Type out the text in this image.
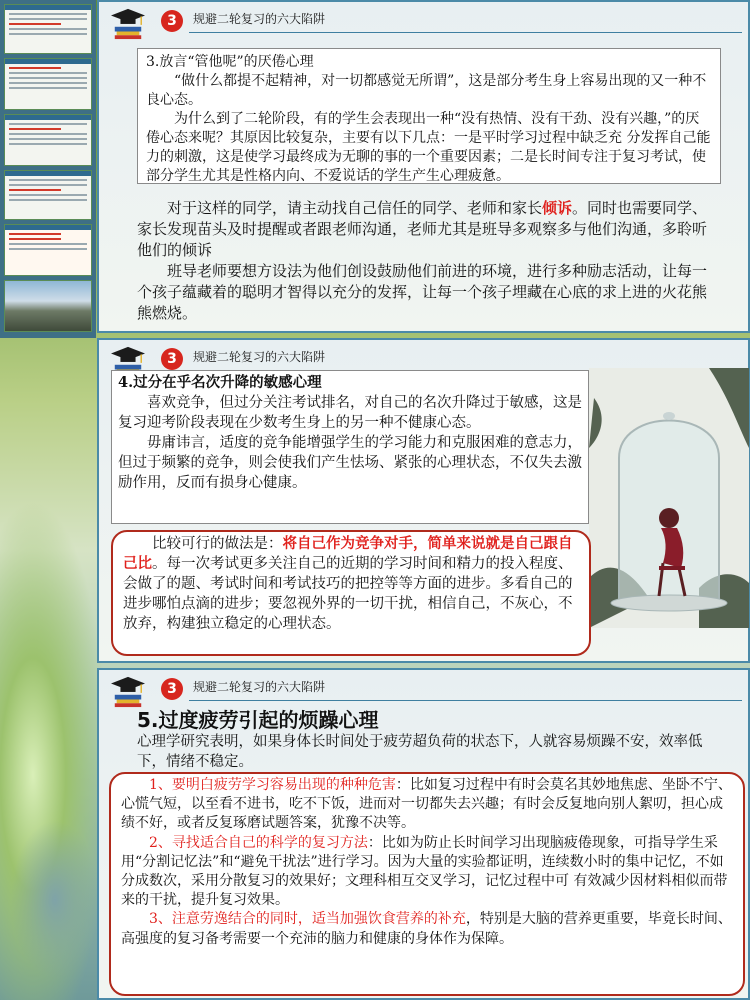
3	规避二轮复习的六大陷阱
3.放言“管他呢”的厌倦心理

“做什么都提不起精神，对一切都感觉无所谓”，这是部分考生身上容易出现的又一种不良心态。

为什么到了二轮阶段，有的学生会表现出一种“没有热情、没有干劲、没有兴趣，”的厌倦心态来呢？其原因比较复杂，主要有以下几点：一是平时学习过程中缺乏充 分发挥自己能力的刺激，这是使学习最终成为无聊的事的一个重要因素；二是长时间专注于复习考试，使部分学生尤其是性格内向、不爱说话的学生产生心理疲惫。

对于这样的同学，请主动找自己信任的同学、老师和家长倾诉。同时也需要同学、家长发现苗头及时提醒或者跟老师沟通，老师尤其是班导多观察多与他们沟通，多聆听他们的倾诉

班导老师要想方设法为他们创设鼓励他们前进的环境，进行多种励志活动，让每一个孩子蕴藏着的聪明才智得以充分的发挥，让每一个孩子埋藏在心底的求上进的火花熊熊燃烧。

3	规避二轮复习的六大陷阱
4.过分在乎名次升降的敏感心理

喜欢竞争，但过分关注考试排名，对自己的名次升降过于敏感，这是复习迎考阶段表现在少数考生身上的另一种不健康心态。

毋庸讳言，适度的竞争能增强学生的学习能力和克服困难的意志力，但过于频繁的竞争，则会使我们产生怯场、紧张的心理状态，不仅失去激励作用，反而有损身心健康。

比较可行的做法是：将自己作为竞争对手，简单来说就是自己跟自己比。每一次考试更多关注自己的近期的学习时间和精力的投入程度、会做了的题、考试时间和考试技巧的把控等等方面的进步。多看自己的进步哪怕点滴的进步；要忽视外界的一切干扰，相信自己，不灰心，不放弃，构建独立稳定的心理状态。

3	规避二轮复习的六大陷阱
5.过度疲劳引起的烦躁心理
心理学研究表明，如果身体长时间处于疲劳超负荷的状态下，人就容易烦躁不安，效率低下，情绪不稳定。

1、要明白疲劳学习容易出现的种种危害：比如复习过程中有时会莫名其妙地焦虑、坐卧不宁、心慌气短，以至看不进书，吃不下饭，进而对一切都失去兴趣；有时会反复地向别人絮叨，担心成绩不好，或者反复琢磨试题答案，犹豫不决等。

2、寻找适合自己的科学的复习方法：比如为防止长时间学习出现脑疲倦现象，可指导学生采用“分割记忆法”和“避免干扰法”进行学习。因为大量的实验都证明，连续数小时的集中记忆，不如分成数次，采用分散复习的效果好；文理科相互交叉学习，记忆过程中可 有效减少因材料相似而带来的干扰，提升复习效果。

3、注意劳逸结合的同时，适当加强饮食营养的补充，特别是大脑的营养更重要，毕竟长时间、高强度的复习备考需要一个充沛的脑力和健康的身体作为保障。
